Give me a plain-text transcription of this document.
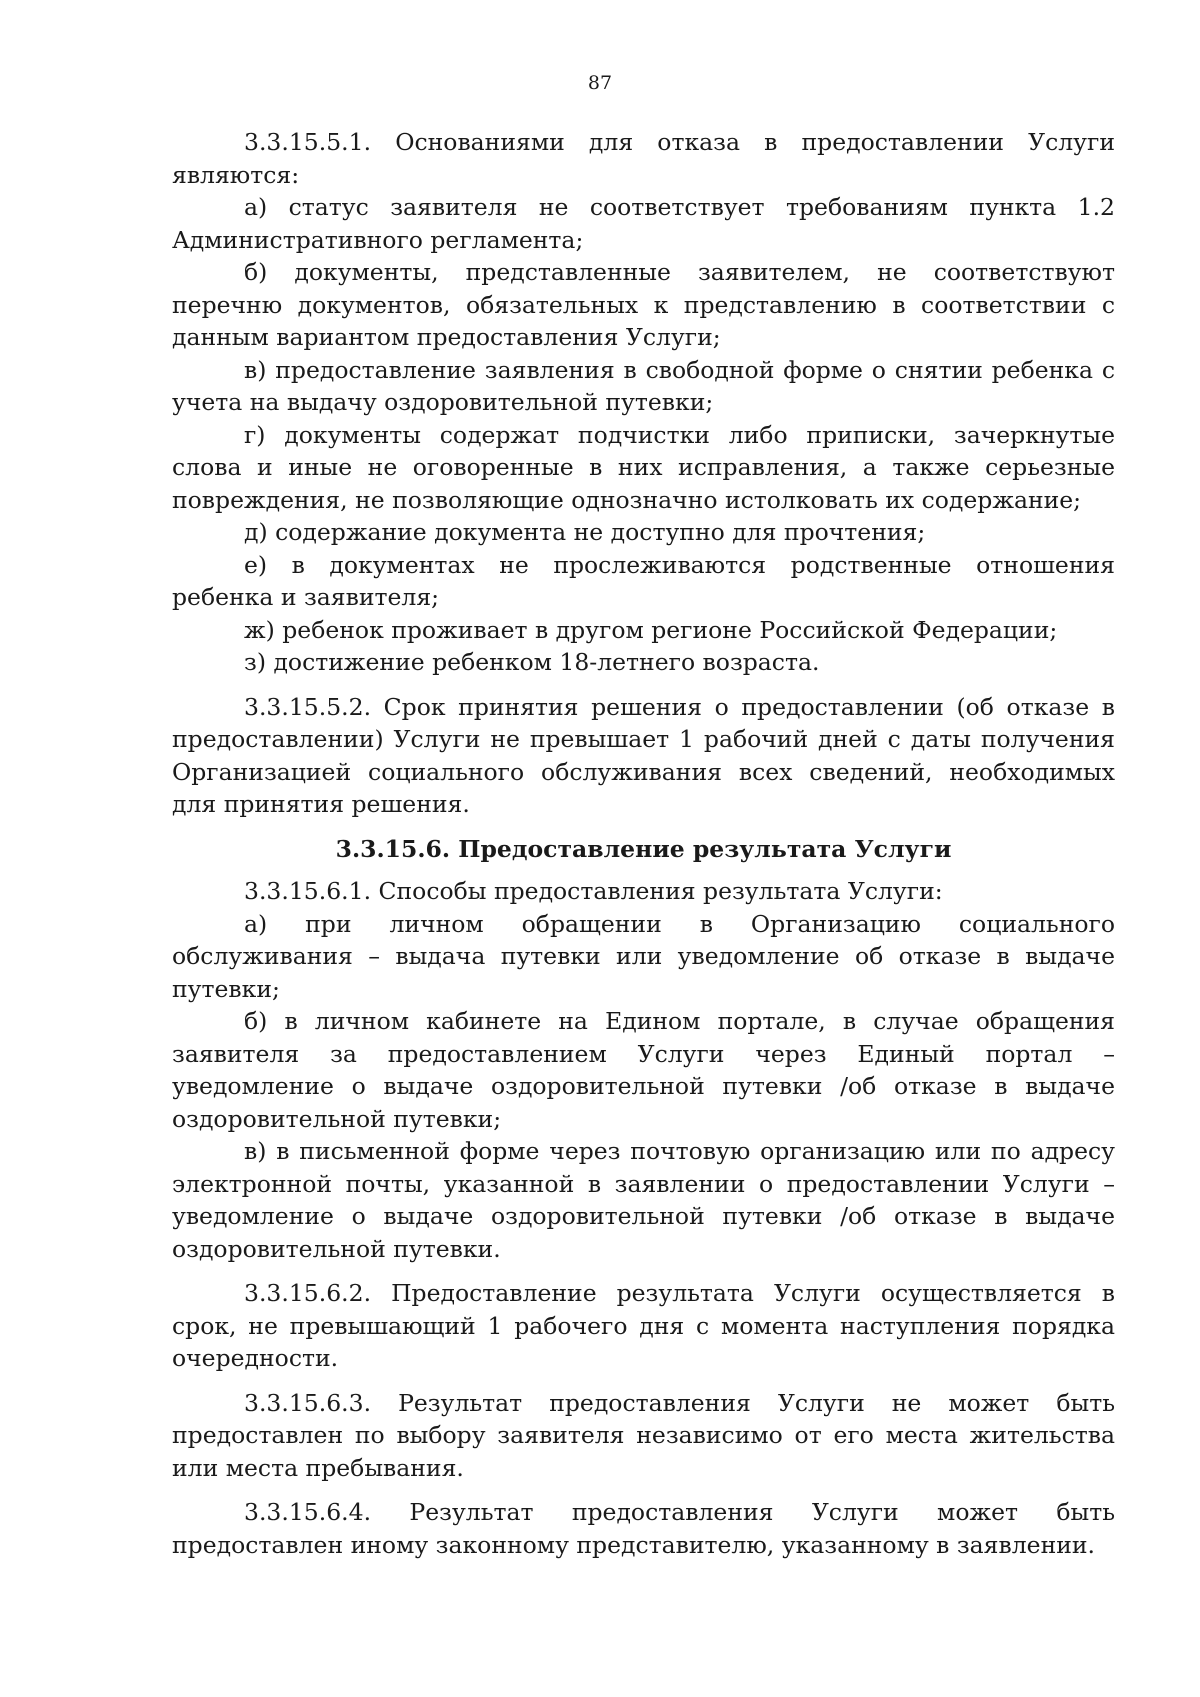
87

3.3.15.5.1. Основаниями для отказа в предоставлении Услуги являются:

а) статус заявителя не соответствует требованиям пункта 1.2 Административного регламента;

б) документы, представленные заявителем, не соответствуют перечню документов, обязательных к представлению в соответствии с данным вариантом предоставления Услуги;

в) предоставление заявления в свободной форме о снятии ребенка с учета на выдачу оздоровительной путевки;

г) документы содержат подчистки либо приписки, зачеркнутые слова и иные не оговоренные в них исправления, а также серьезные повреждения, не позволяющие однозначно истолковать их содержание;

д) содержание документа не доступно для прочтения;

е) в документах не прослеживаются родственные отношения ребенка и заявителя;

ж) ребенок проживает в другом регионе Российской Федерации;

з) достижение ребенком 18-летнего возраста.

3.3.15.5.2. Срок принятия решения о предоставлении (об отказе в предоставлении) Услуги не превышает 1 рабочий дней с даты получения Организацией социального обслуживания всех сведений, необходимых для принятия решения.

3.3.15.6. Предоставление результата Услуги

3.3.15.6.1. Способы предоставления результата Услуги:

а) при личном обращении в Организацию социального обслуживания – выдача путевки или уведомление об отказе в выдаче путевки;

б) в личном кабинете на Едином портале, в случае обращения заявителя за предоставлением Услуги через Единый портал – уведомление о выдаче оздоровительной путевки /об отказе в выдаче оздоровительной путевки;

в) в письменной форме через почтовую организацию или по адресу электронной почты, указанной в заявлении о предоставлении Услуги – уведомление о выдаче оздоровительной путевки /об отказе в выдаче оздоровительной путевки.

3.3.15.6.2. Предоставление результата Услуги осуществляется в срок, не превышающий 1 рабочего дня с момента наступления порядка очередности.

3.3.15.6.3. Результат предоставления Услуги не может быть предоставлен по выбору заявителя независимо от его места жительства или места пребывания.

3.3.15.6.4. Результат предоставления Услуги может быть предоставлен иному законному представителю, указанному в заявлении.
